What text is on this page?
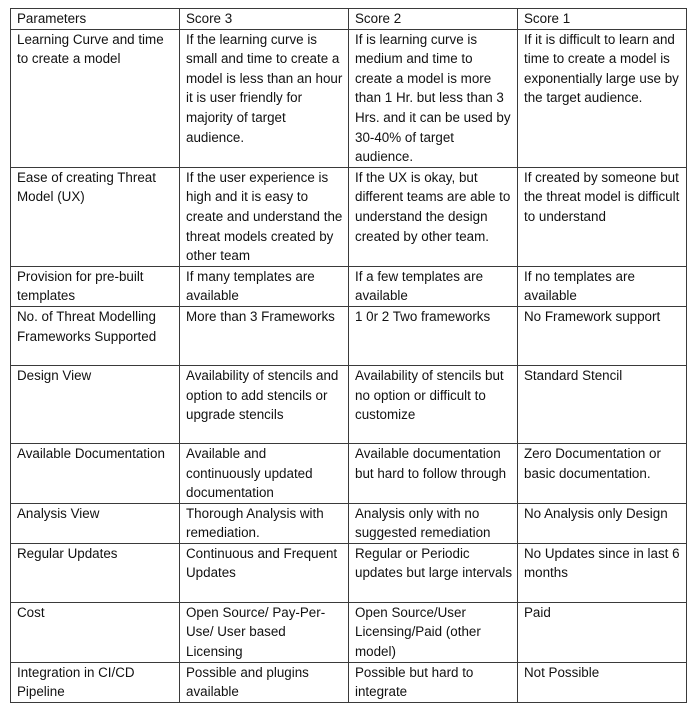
Parameters	Score 3	Score 2	Score 1
Learning Curve and time to create a model	If the learning curve is small and time to create a model is less than an hour it is user friendly for majority of target audience.	If is learning curve is medium and time to create a model is more than 1 Hr. but less than 3 Hrs. and it can be used by 30-40% of target audience.	If it is difficult to learn and time to create a model is exponentially large use by the target audience.
Ease of creating Threat Model (UX)	If the user experience is high and it is easy to create and understand the threat models created by other team	If the UX is okay, but different teams are able to understand the design created by other team.	If created by someone but the threat model is difficult to understand
Provision for pre-built templates	If many templates are available	If a few templates are available	If no templates are available
No. of Threat Modelling Frameworks Supported	More than 3 Frameworks	1 0r 2 Two frameworks	No Framework support
Design View	Availability of stencils and option to add stencils or upgrade stencils	Availability of stencils but no option or difficult to customize	Standard Stencil
Available Documentation	Available and continuously updated documentation	Available documentation but hard to follow through	Zero Documentation or basic documentation.
Analysis View	Thorough Analysis with remediation.	Analysis only with no suggested remediation	No Analysis only Design
Regular Updates	Continuous and Frequent Updates	Regular or Periodic updates but large intervals	No Updates since in last 6 months
Cost	Open Source/ Pay-Per-Use/ User based Licensing	Open Source/User Licensing/Paid (other model)	Paid
Integration in CI/CD Pipeline	Possible and plugins available	Possible but hard to integrate	Not Possible
